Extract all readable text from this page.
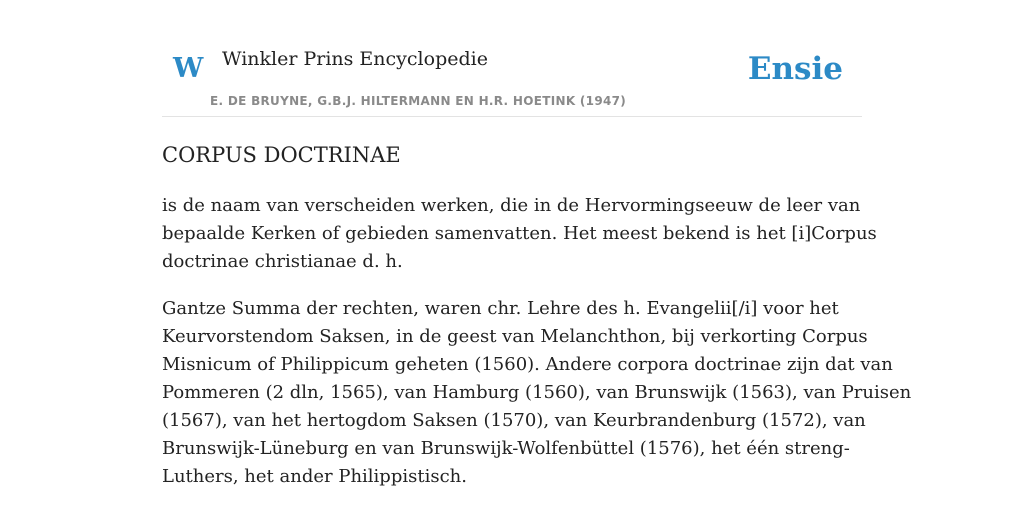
W Winkler Prins Encyclopedie
E. DE BRUYNE, G.B.J. HILTERMANN EN H.R. HOETINK (1947)
Ensie
CORPUS DOCTRINAE

is de naam van verscheiden werken, die in de Hervormingseeuw de leer van
bepaalde Kerken of gebieden samenvatten. Het meest bekend is het [i]Corpus
doctrinae christianae d. h.

Gantze Summa der rechten, waren chr. Lehre des h. Evangelii[/i] voor het
Keurvorstendom Saksen, in de geest van Melanchthon, bij verkorting Corpus
Misnicum of Philippicum geheten (1560). Andere corpora doctrinae zijn dat van
Pommeren (2 dln, 1565), van Hamburg (1560), van Brunswijk (1563), van Pruisen
(1567), van het hertogdom Saksen (1570), van Keurbrandenburg (1572), van
Brunswijk-Lüneburg en van Brunswijk-Wolfenbüttel (1576), het één streng-
Luthers, het ander Philippistisch.
